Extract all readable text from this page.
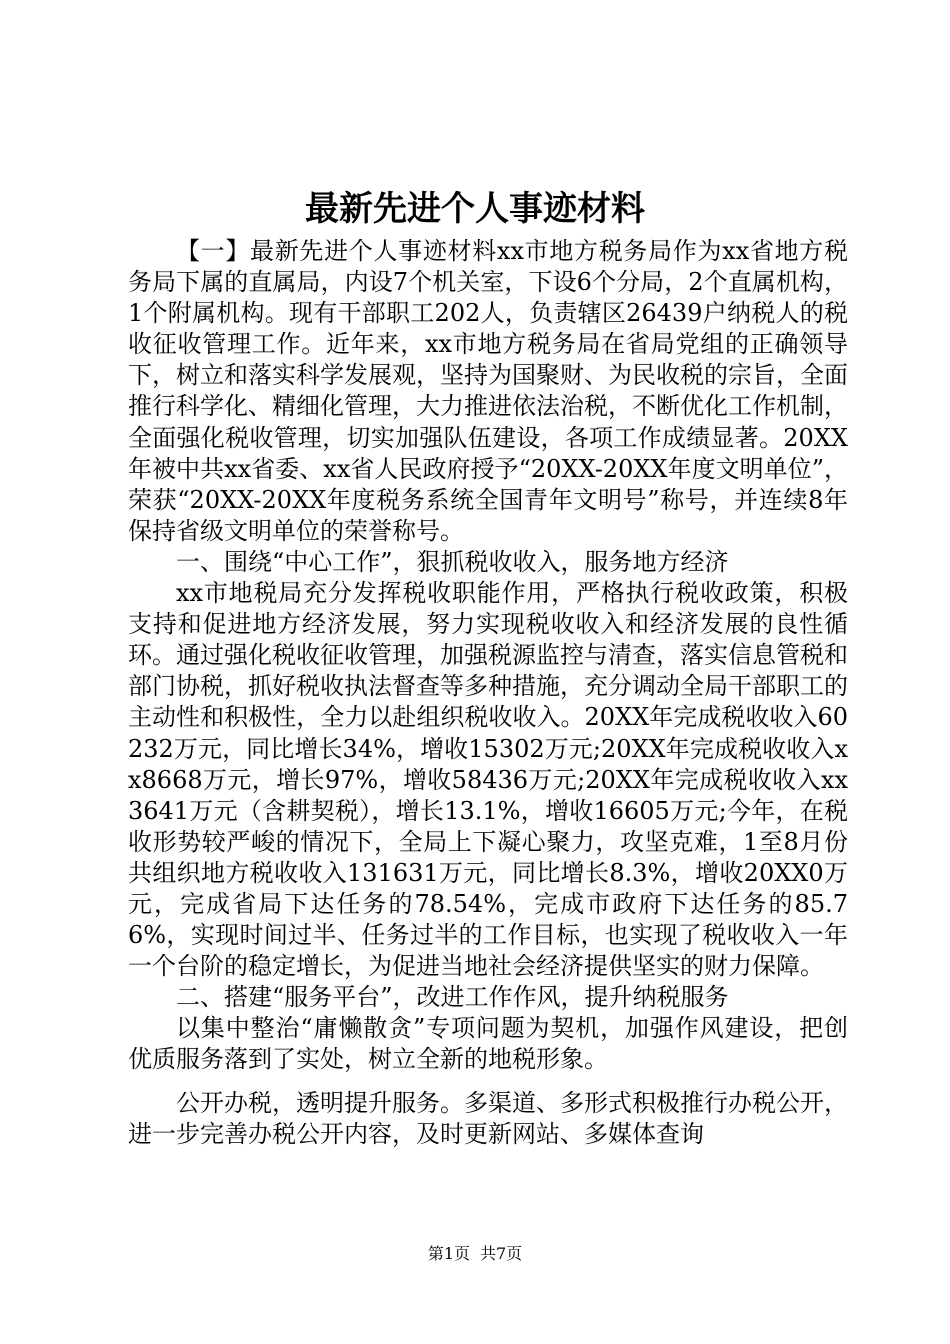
最新先进个人事迹材料

【一】最新先进个人事迹材料xx市地方税务局作为xx省地方税务局下属的直属局，内设7个机关室，下设6个分局，2个直属机构，1个附属机构。现有干部职工202人，负责辖区26439户纳税人的税收征收管理工作。近年来，xx市地方税务局在省局党组的正确领导下，树立和落实科学发展观，坚持为国聚财、为民收税的宗旨，全面推行科学化、精细化管理，大力推进依法治税，不断优化工作机制，全面强化税收管理，切实加强队伍建设，各项工作成绩显著。20XX年被中共xx省委、xx省人民政府授予“20XX-20XX年度文明单位”，荣获“20XX-20XX年度税务系统全国青年文明号”称号，并连续8年保持省级文明单位的荣誉称号。

一、围绕“中心工作”，狠抓税收收入，服务地方经济

xx市地税局充分发挥税收职能作用，严格执行税收政策，积极支持和促进地方经济发展，努力实现税收收入和经济发展的良性循环。通过强化税收征收管理，加强税源监控与清查，落实信息管税和部门协税，抓好税收执法督查等多种措施，充分调动全局干部职工的主动性和积极性，全力以赴组织税收收入。20XX年完成税收收入60232万元，同比增长34%，增收15302万元;20XX年完成税收收入xx8668万元，增长97%，增收58436万元;20XX年完成税收收入xx3641万元（含耕契税），增长13.1%，增收16605万元;今年，在税收形势较严峻的情况下，全局上下凝心聚力，攻坚克难，1至8月份共组织地方税收收入131631万元，同比增长8.3%，增收20XX0万元，完成省局下达任务的78.54%，完成市政府下达任务的85.76%，实现时间过半、任务过半的工作目标，也实现了税收收入一年一个台阶的稳定增长，为促进当地社会经济提供坚实的财力保障。

二、搭建“服务平台”，改进工作作风，提升纳税服务

以集中整治“庸懒散贪”专项问题为契机，加强作风建设，把创优质服务落到了实处，树立全新的地税形象。

公开办税，透明提升服务。多渠道、多形式积极推行办税公开，进一步完善办税公开内容，及时更新网站、多媒体查询

第1页 共7页
